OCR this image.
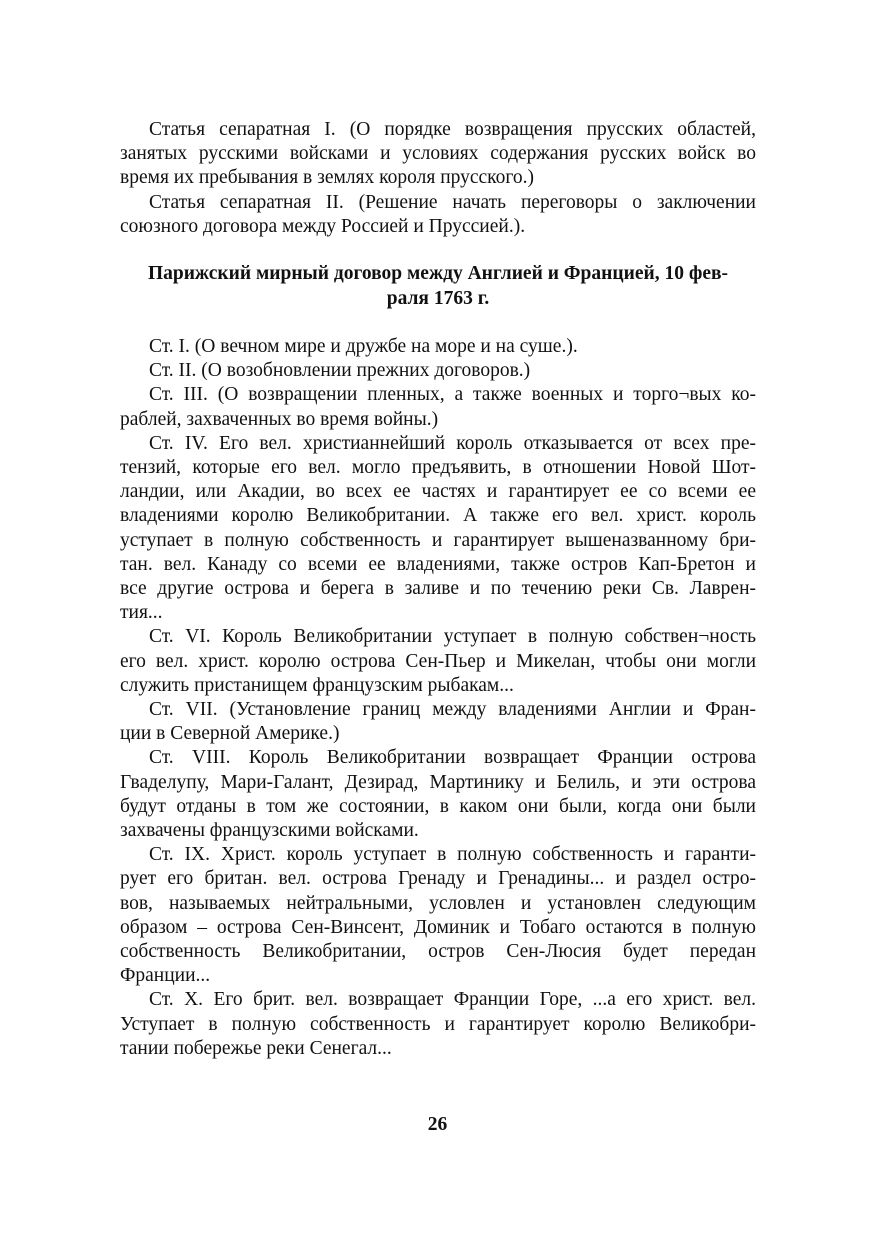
Статья сепаратная I. (О порядке возвращения прусских областей,
занятых русскими войсками и условиях содержания русских войск во
время их пребывания в землях короля прусского.)

Статья сепаратная II. (Решение начать переговоры о заключении
союзного договора между Россией и Пруссией.).

Парижский мирный договор между Англией и Францией, 10 фев-
раля 1763 г.

Ст. I. (О вечном мире и дружбе на море и на суше.).

Ст. II. (О возобновлении прежних договоров.)

Ст. III. (О возвращении пленных, а также военных и торго¬вых ко-
раблей, захваченных во время войны.)

Ст. IV. Его вел. христианнейший король отказывается от всех пре-
тензий, которые его вел. могло предъявить, в отношении Новой Шот-
ландии, или Акадии, во всех ее частях и гарантирует ее со всеми ее
владениями королю Великобритании. А также его вел. христ. король
уступает в полную собственность и гарантирует вышеназванному бри-
тан. вел. Канаду со всеми ее владениями, также остров Кап-Бретон и
все другие острова и берега в заливе и по течению реки Св. Лаврен-
тия...

Ст. VI. Король Великобритании уступает в полную собствен¬ность
его вел. христ. королю острова Сен-Пьер и Микелан, чтобы они могли
служить пристанищем французским рыбакам...

Ст. VII. (Установление границ между владениями Англии и Фран-
ции в Северной Америке.)

Ст. VIII. Король Великобритании возвращает Франции острова
Гваделупу, Мари-Галант, Дезирад, Мартинику и Белиль, и эти острова
будут отданы в том же состоянии, в каком они были, когда они были
захвачены французскими войсками.

Ст. IX. Христ. король уступает в полную собственность и гаранти-
рует его британ. вел. острова Гренаду и Гренадины... и раздел остро-
вов, называемых нейтральными, условлен и установлен следующим
образом – острова Сен-Винсент, Доминик и Тобаго остаются в полную
собственность Великобритании, остров Сен-Люсия будет передан
Франции...

Ст. X. Его брит. вел. возвращает Франции Горе, ...а его христ. вел.
Уступает в полную собственность и гарантирует королю Великобри-
тании побережье реки Сенегал...

26
